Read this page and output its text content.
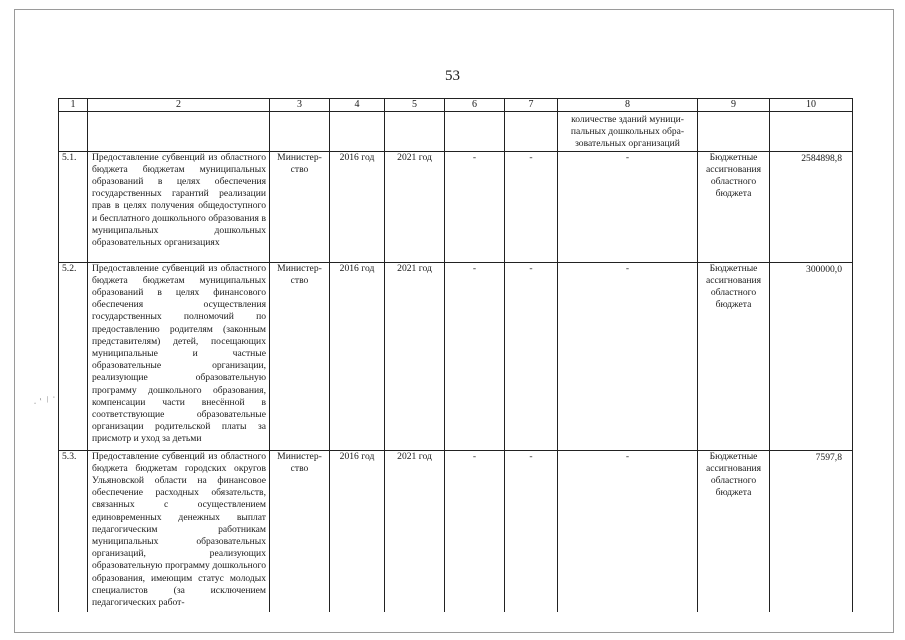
53
· ' / ·
1	2	3	4	5	6	7	8	9	10

							количестве зданий муници-пальных дошкольных обра-зовательных организаций		

5.1.	Предоставление субвенций из областного бюджета бюджетам муниципальных образований в целях обеспечения государственных гарантий реализации прав в целях получения общедоступного и бесплатного дошкольного образования в муниципальных дошкольных образовательных организациях	Министер-ство	2016 год	2021 год	-	-	-	Бюджетные ассигнования областного бюджета	2584898,8
5.2.	Предоставление субвенций из областного бюджета бюджетам муниципальных образований в целях финансового обеспечения осуществления государственных полномочий по предоставлению родителям (законным представителям) детей, посещающих муниципальные и частные образовательные организации, реализующие образовательную программу дошкольного образования, компенсации части внесённой в соответствующие образовательные организации родительской платы за присмотр и уход за детьми	Министер-ство	2016 год	2021 год	-	-	-	Бюджетные ассигнования областного бюджета	300000,0
5.3.	Предоставление субвенций из областного бюджета бюджетам городских округов Ульяновской области на финансовое обеспечение расходных обязательств, связанных с осуществлением единовременных денежных выплат педагогическим работникам муниципальных образовательных организаций, реализующих образовательную программу дошкольного образования, имеющим статус молодых специалистов (за исключением педагогических работ-	Министер-ство	2016 год	2021 год	-	-	-	Бюджетные ассигнования областного бюджета	7597,8
